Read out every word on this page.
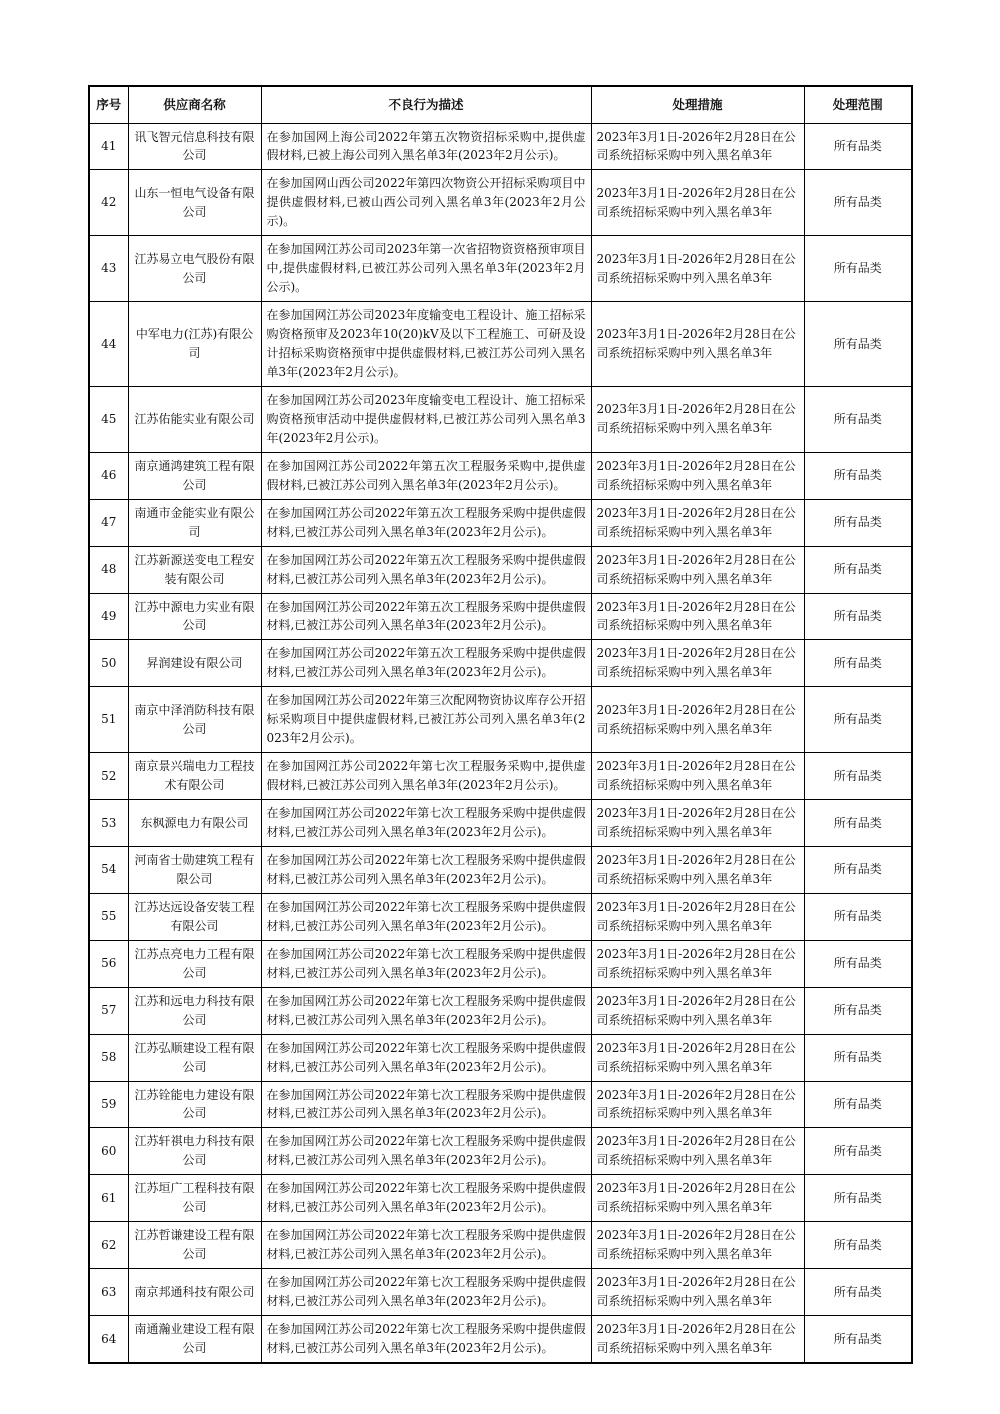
序号	供应商名称	不良行为描述	处理措施	处理范围
41	讯飞智元信息科技有限公司	在参加国网上海公司2022年第五次物资招标采购中,提供虚假材料,已被上海公司列入黑名单3年(2023年2月公示)。	2023年3月1日-2026年2月28日在公司系统招标采购中列入黑名单3年	所有品类
42	山东一恒电气设备有限公司	在参加国网山西公司2022年第四次物资公开招标采购项目中提供虚假材料,已被山西公司列入黑名单3年(2023年2月公示)。	2023年3月1日-2026年2月28日在公司系统招标采购中列入黑名单3年	所有品类
43	江苏易立电气股份有限公司	在参加国网江苏公司司2023年第一次省招物资资格预审项目中,提供虚假材料,已被江苏公司列入黑名单3年(2023年2月公示)。	2023年3月1日-2026年2月28日在公司系统招标采购中列入黑名单3年	所有品类
44	中军电力(江苏)有限公司	在参加国网江苏公司2023年度输变电工程设计、施工招标采购资格预审及2023年10(20)kV及以下工程施工、可研及设计招标采购资格预审中提供虚假材料,已被江苏公司列入黑名单3年(2023年2月公示)。	2023年3月1日-2026年2月28日在公司系统招标采购中列入黑名单3年	所有品类
45	江苏佑能实业有限公司	在参加国网江苏公司2023年度输变电工程设计、施工招标采购资格预审活动中提供虚假材料,已被江苏公司列入黑名单3年(2023年2月公示)。	2023年3月1日-2026年2月28日在公司系统招标采购中列入黑名单3年	所有品类
46	南京通鸿建筑工程有限公司	在参加国网江苏公司2022年第五次工程服务采购中,提供虚假材料,已被江苏公司列入黑名单3年(2023年2月公示)。	2023年3月1日-2026年2月28日在公司系统招标采购中列入黑名单3年	所有品类
47	南通市金能实业有限公司	在参加国网江苏公司2022年第五次工程服务采购中提供虚假材料,已被江苏公司列入黑名单3年(2023年2月公示)。	2023年3月1日-2026年2月28日在公司系统招标采购中列入黑名单3年	所有品类
48	江苏新源送变电工程安装有限公司	在参加国网江苏公司2022年第五次工程服务采购中提供虚假材料,已被江苏公司列入黑名单3年(2023年2月公示)。	2023年3月1日-2026年2月28日在公司系统招标采购中列入黑名单3年	所有品类
49	江苏中源电力实业有限公司	在参加国网江苏公司2022年第五次工程服务采购中提供虚假材料,已被江苏公司列入黑名单3年(2023年2月公示)。	2023年3月1日-2026年2月28日在公司系统招标采购中列入黑名单3年	所有品类
50	昇润建设有限公司	在参加国网江苏公司2022年第五次工程服务采购中提供虚假材料,已被江苏公司列入黑名单3年(2023年2月公示)。	2023年3月1日-2026年2月28日在公司系统招标采购中列入黑名单3年	所有品类
51	南京中泽消防科技有限公司	在参加国网江苏公司2022年第三次配网物资协议库存公开招标采购项目中提供虚假材料,已被江苏公司列入黑名单3年(2023年2月公示)。	2023年3月1日-2026年2月28日在公司系统招标采购中列入黑名单3年	所有品类
52	南京景兴瑞电力工程技术有限公司	在参加国网江苏公司2022年第七次工程服务采购中,提供虚假材料,已被江苏公司列入黑名单3年(2023年2月公示)。	2023年3月1日-2026年2月28日在公司系统招标采购中列入黑名单3年	所有品类
53	东枫源电力有限公司	在参加国网江苏公司2022年第七次工程服务采购中提供虚假材料,已被江苏公司列入黑名单3年(2023年2月公示)。	2023年3月1日-2026年2月28日在公司系统招标采购中列入黑名单3年	所有品类
54	河南省士勋建筑工程有限公司	在参加国网江苏公司2022年第七次工程服务采购中提供虚假材料,已被江苏公司列入黑名单3年(2023年2月公示)。	2023年3月1日-2026年2月28日在公司系统招标采购中列入黑名单3年	所有品类
55	江苏达远设备安装工程有限公司	在参加国网江苏公司2022年第七次工程服务采购中提供虚假材料,已被江苏公司列入黑名单3年(2023年2月公示)。	2023年3月1日-2026年2月28日在公司系统招标采购中列入黑名单3年	所有品类
56	江苏点亮电力工程有限公司	在参加国网江苏公司2022年第七次工程服务采购中提供虚假材料,已被江苏公司列入黑名单3年(2023年2月公示)。	2023年3月1日-2026年2月28日在公司系统招标采购中列入黑名单3年	所有品类
57	江苏和远电力科技有限公司	在参加国网江苏公司2022年第七次工程服务采购中提供虚假材料,已被江苏公司列入黑名单3年(2023年2月公示)。	2023年3月1日-2026年2月28日在公司系统招标采购中列入黑名单3年	所有品类
58	江苏弘顺建设工程有限公司	在参加国网江苏公司2022年第七次工程服务采购中提供虚假材料,已被江苏公司列入黑名单3年(2023年2月公示)。	2023年3月1日-2026年2月28日在公司系统招标采购中列入黑名单3年	所有品类
59	江苏铨能电力建设有限公司	在参加国网江苏公司2022年第七次工程服务采购中提供虚假材料,已被江苏公司列入黑名单3年(2023年2月公示)。	2023年3月1日-2026年2月28日在公司系统招标采购中列入黑名单3年	所有品类
60	江苏轩祺电力科技有限公司	在参加国网江苏公司2022年第七次工程服务采购中提供虚假材料,已被江苏公司列入黑名单3年(2023年2月公示)。	2023年3月1日-2026年2月28日在公司系统招标采购中列入黑名单3年	所有品类
61	江苏垣广工程科技有限公司	在参加国网江苏公司2022年第七次工程服务采购中提供虚假材料,已被江苏公司列入黑名单3年(2023年2月公示)。	2023年3月1日-2026年2月28日在公司系统招标采购中列入黑名单3年	所有品类
62	江苏哲谦建设工程有限公司	在参加国网江苏公司2022年第七次工程服务采购中提供虚假材料,已被江苏公司列入黑名单3年(2023年2月公示)。	2023年3月1日-2026年2月28日在公司系统招标采购中列入黑名单3年	所有品类
63	南京邦通科技有限公司	在参加国网江苏公司2022年第七次工程服务采购中提供虚假材料,已被江苏公司列入黑名单3年(2023年2月公示)。	2023年3月1日-2026年2月28日在公司系统招标采购中列入黑名单3年	所有品类
64	南通瀚业建设工程有限公司	在参加国网江苏公司2022年第七次工程服务采购中提供虚假材料,已被江苏公司列入黑名单3年(2023年2月公示)。	2023年3月1日-2026年2月28日在公司系统招标采购中列入黑名单3年	所有品类
